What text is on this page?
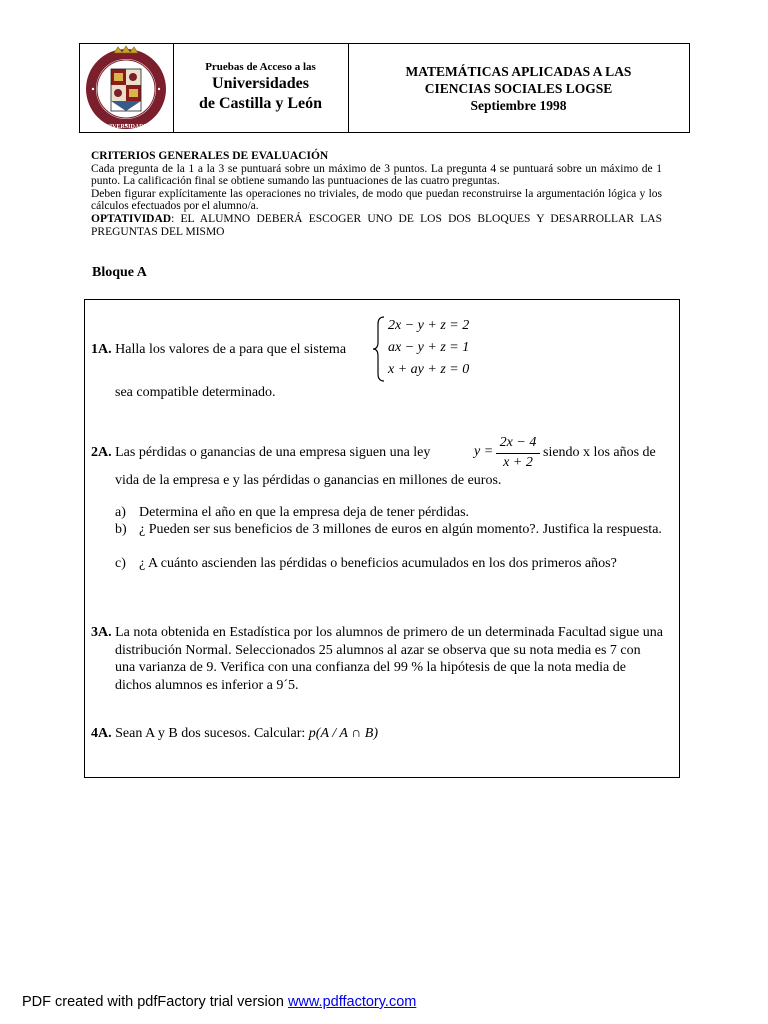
UNIVERSIDADES
Pruebas de Acceso a las
Universidades
de Castilla y León
MATEMÁTICAS APLICADAS A LAS
CIENCIAS SOCIALES LOGSE
Septiembre 1998
CRITERIOS GENERALES DE EVALUACIÓN
Cada pregunta de la 1 a la 3 se puntuará sobre un máximo de 3 puntos. La pregunta 4 se puntuará sobre un máximo de 1 punto. La calificación final se obtiene sumando las puntuaciones de las cuatro preguntas.
Deben figurar explícitamente las operaciones no triviales, de modo que puedan reconstruirse la argumentación lógica y los cálculos efectuados por el alumno/a.
OPTATIVIDAD: EL ALUMNO DEBERÁ ESCOGER UNO DE LOS DOS BLOQUES Y DESARROLLAR LAS PREGUNTAS DEL MISMO
Bloque A
1A. Halla los valores de a para que el sistema
2x − y + z = 2
ax − y + z = 1
x + ay + z = 0
sea compatible determinado.
2A. Las pérdidas o ganancias de una empresa siguen una ley	y =
2x − 4
x + 2
siendo x los años de
vida de la empresa e y las pérdidas o ganancias en millones de euros.
a) Determina el año en que la empresa deja de tener pérdidas.
b) ¿ Pueden ser sus beneficios de 3 millones de euros en algún momento?. Justifica la respuesta.
c) ¿ A cuánto ascienden las pérdidas o beneficios acumulados en los dos primeros años?
3A. La nota obtenida en Estadística por los alumnos de primero de un determinada Facultad sigue una distribución Normal. Seleccionados 25 alumnos al azar se observa que su nota media es 7 con una varianza de 9. Verifica con una confianza del 99 % la hipótesis de que la nota media de dichos alumnos es inferior a 9´5.
4A. Sean A y B dos sucesos. Calcular: p(A / A ∩ B)
PDF created with pdfFactory trial version www.pdffactory.com
